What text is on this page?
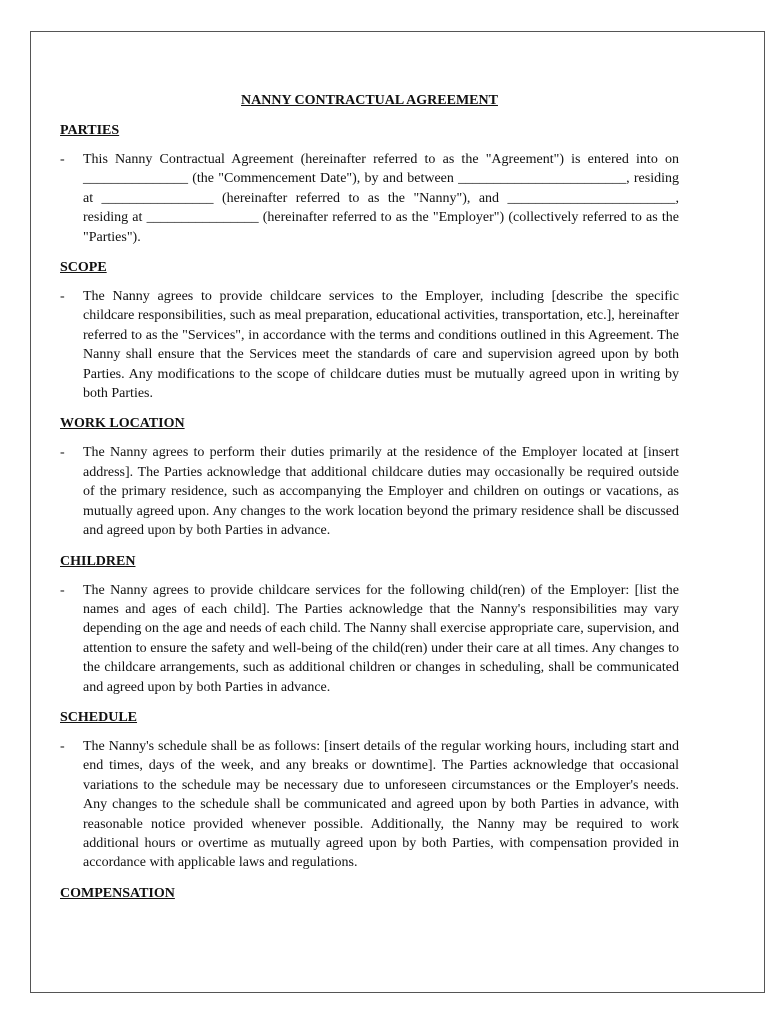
NANNY CONTRACTUAL AGREEMENT
PARTIES
-	This Nanny Contractual Agreement (hereinafter referred to as the "Agreement") is entered into on _______________ (the "Commencement Date"), by and between ________________________, residing at ________________ (hereinafter referred to as the "Nanny"), and ________________________, residing at ________________ (hereinafter referred to as the "Employer") (collectively referred to as the "Parties").

SCOPE
-	The Nanny agrees to provide childcare services to the Employer, including [describe the specific childcare responsibilities, such as meal preparation, educational activities, transportation, etc.], hereinafter referred to as the "Services", in accordance with the terms and conditions outlined in this Agreement. The Nanny shall ensure that the Services meet the standards of care and supervision agreed upon by both Parties. Any modifications to the scope of childcare duties must be mutually agreed upon in writing by both Parties.

WORK LOCATION
-	The Nanny agrees to perform their duties primarily at the residence of the Employer located at [insert address]. The Parties acknowledge that additional childcare duties may occasionally be required outside of the primary residence, such as accompanying the Employer and children on outings or vacations, as mutually agreed upon. Any changes to the work location beyond the primary residence shall be discussed and agreed upon by both Parties in advance.

CHILDREN
-	The Nanny agrees to provide childcare services for the following child(ren) of the Employer: [list the names and ages of each child]. The Parties acknowledge that the Nanny's responsibilities may vary depending on the age and needs of each child. The Nanny shall exercise appropriate care, supervision, and attention to ensure the safety and well-being of the child(ren) under their care at all times. Any changes to the childcare arrangements, such as additional children or changes in scheduling, shall be communicated and agreed upon by both Parties in advance.

SCHEDULE
-	The Nanny's schedule shall be as follows: [insert details of the regular working hours, including start and end times, days of the week, and any breaks or downtime]. The Parties acknowledge that occasional variations to the schedule may be necessary due to unforeseen circumstances or the Employer's needs. Any changes to the schedule shall be communicated and agreed upon by both Parties in advance, with reasonable notice provided whenever possible. Additionally, the Nanny may be required to work additional hours or overtime as mutually agreed upon by both Parties, with compensation provided in accordance with applicable laws and regulations.

COMPENSATION
